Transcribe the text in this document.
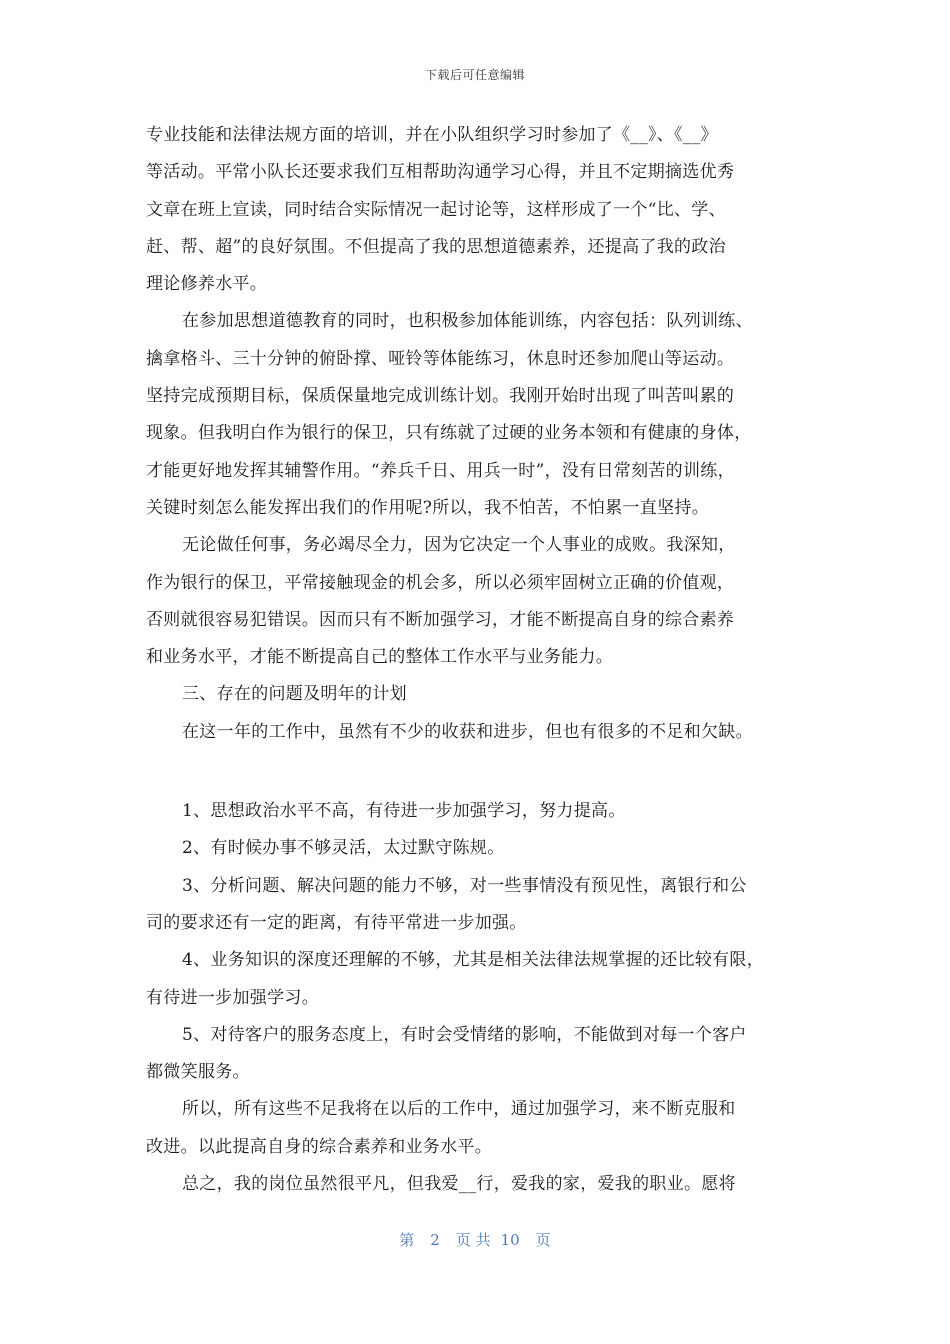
下载后可任意编辑
专业技能和法律法规方面的培训，并在小队组织学习时参加了《__》、《__》
等活动。平常小队长还要求我们互相帮助沟通学习心得，并且不定期摘选优秀
文章在班上宣读，同时结合实际情况一起讨论等，这样形成了一个“比、学、
赶、帮、超”的良好氛围。不但提高了我的思想道德素养，还提高了我的政治
理论修养水平。
在参加思想道德教育的同时，也积极参加体能训练，内容包括：队列训练、
擒拿格斗、三十分钟的俯卧撑、哑铃等体能练习，休息时还参加爬山等运动。
坚持完成预期目标，保质保量地完成训练计划。我刚开始时出现了叫苦叫累的
现象。但我明白作为银行的保卫，只有练就了过硬的业务本领和有健康的身体，
才能更好地发挥其辅警作用。“养兵千日、用兵一时”，没有日常刻苦的训练，
关键时刻怎么能发挥出我们的作用呢?所以，我不怕苦，不怕累一直坚持。
无论做任何事，务必竭尽全力，因为它决定一个人事业的成败。我深知，
作为银行的保卫，平常接触现金的机会多，所以必须牢固树立正确的价值观，
否则就很容易犯错误。因而只有不断加强学习，才能不断提高自身的综合素养
和业务水平，才能不断提高自己的整体工作水平与业务能力。
三、存在的问题及明年的计划
在这一年的工作中，虽然有不少的收获和进步，但也有很多的不足和欠缺。
1、思想政治水平不高，有待进一步加强学习，努力提高。
2、有时候办事不够灵活，太过默守陈规。
3、分析问题、解决问题的能力不够，对一些事情没有预见性，离银行和公
司的要求还有一定的距离，有待平常进一步加强。
4、业务知识的深度还理解的不够，尤其是相关法律法规掌握的还比较有限，
有待进一步加强学习。
5、对待客户的服务态度上，有时会受情绪的影响，不能做到对每一个客户
都微笑服务。
所以，所有这些不足我将在以后的工作中，通过加强学习，来不断克服和
改进。以此提高自身的综合素养和业务水平。
总之，我的岗位虽然很平凡，但我爱__行，爱我的家，爱我的职业。愿将
第 2 页 共 10 页
